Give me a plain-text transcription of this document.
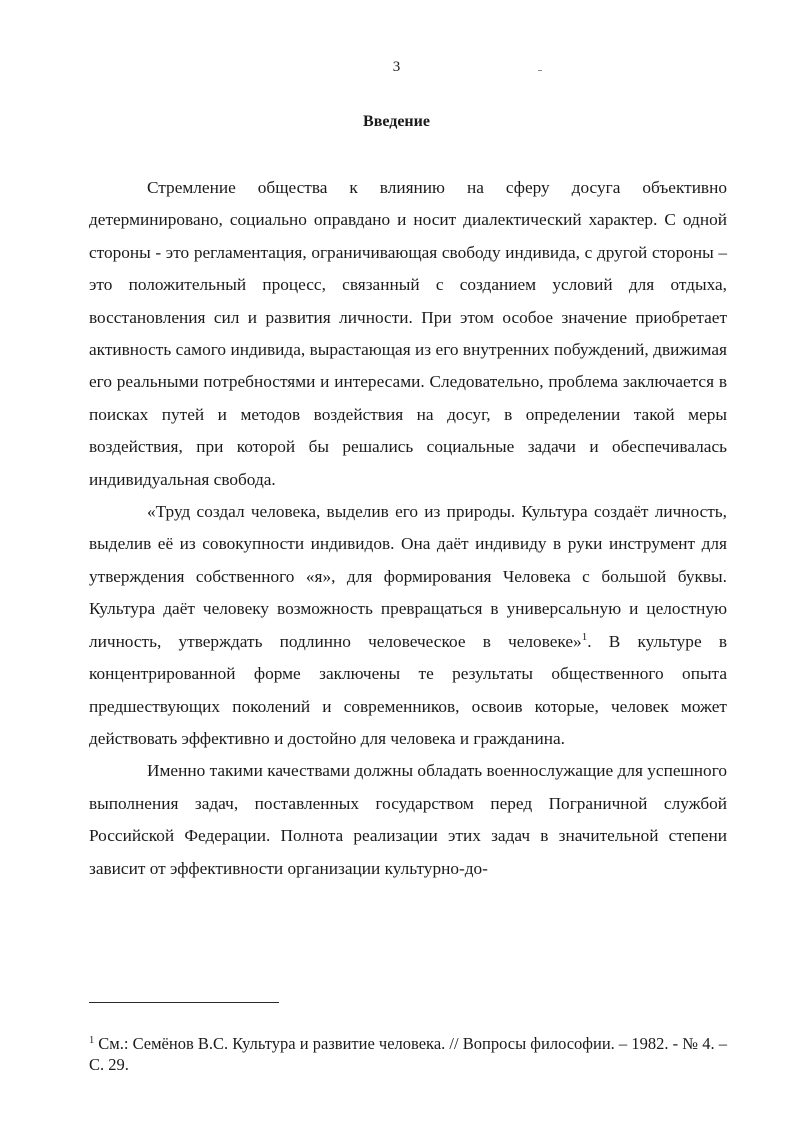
3
Введение

Стремление общества к влиянию на сферу досуга объективно детерминировано, социально оправдано и носит диалектический характер. С одной стороны - это регламентация, ограничивающая свободу индивида, с другой стороны – это положительный процесс, связанный с созданием условий для отдыха, восстановления сил и развития личности. При этом особое значение приобретает активность самого индивида, вырастающая из его внутренних побуждений, движимая его реальными потребностями и интересами. Следовательно, проблема заключается в поисках путей и методов воздействия на досуг, в определении такой меры воздействия, при которой бы решались социальные задачи и обеспечивалась индивидуальная свобода.

«Труд создал человека, выделив его из природы. Культура создаёт личность, выделив её из совокупности индивидов. Она даёт индивиду в руки инструмент для утверждения собственного «я», для формирования Человека с большой буквы. Культура даёт человеку возможность превращаться в универсальную и целостную личность, утверждать подлинно человеческое в человеке»$^1$. В культуре в концентрированной форме заключены те результаты общественного опыта предшествующих поколений и современников, освоив которые, человек может действовать эффективно и достойно для человека и гражданина.

Именно такими качествами должны обладать военнослужащие для успешного выполнения задач, поставленных государством перед Пограничной службой Российской Федерации. Полнота реализации этих задач в значительной степени зависит от эффективности организации культурно-до-

$^1$ См.: Семёнов В.С. Культура и развитие человека. // Вопросы философии. – 1982. - № 4. – С. 29.
